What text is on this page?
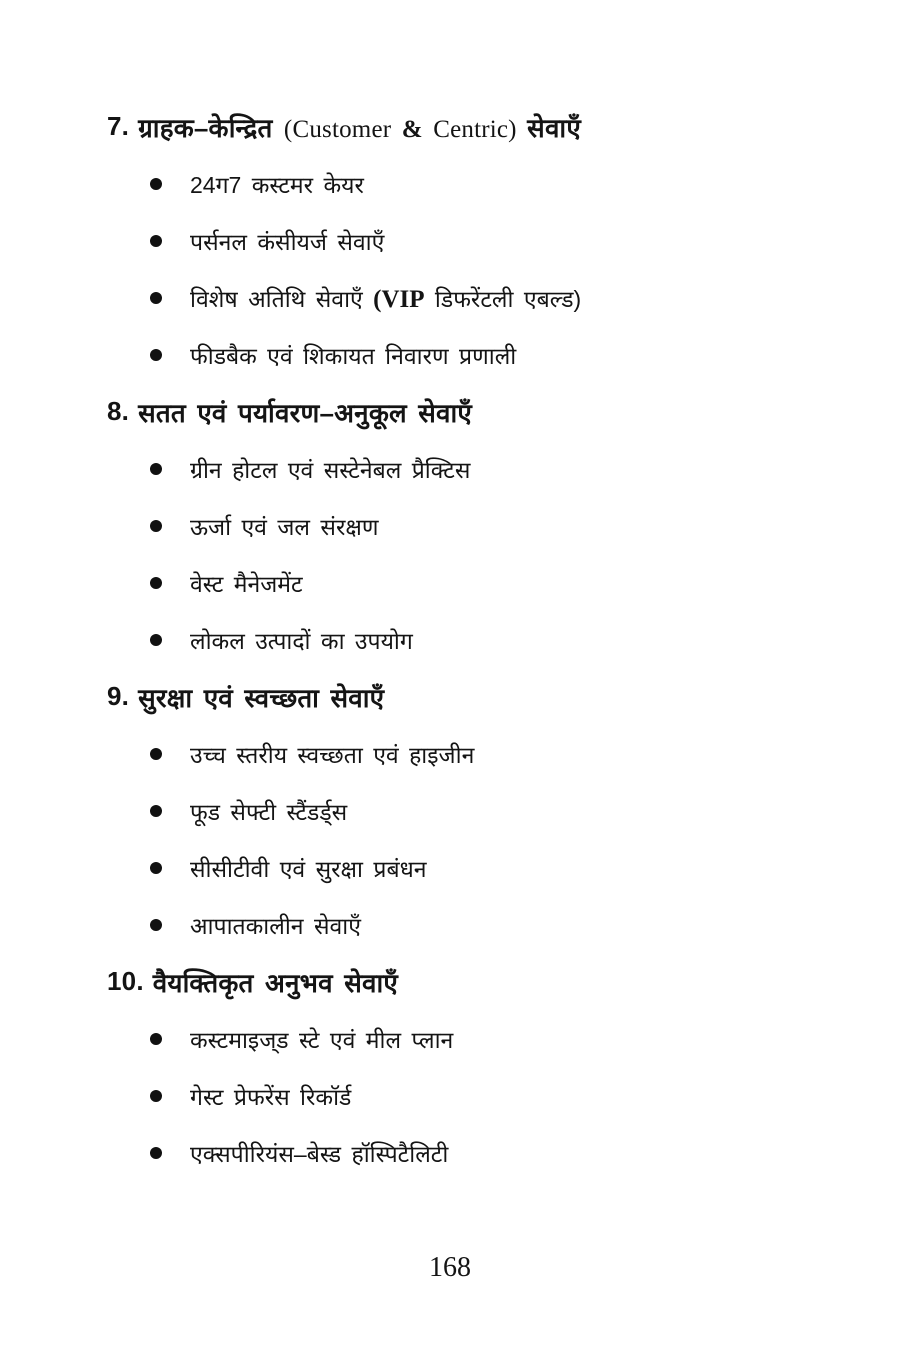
7. ग्राहक–केन्द्रित (Customer & Centric) सेवाएँ
24ग7 कस्टमर केयर
पर्सनल कंसीयर्ज सेवाएँ
विशेष अतिथि सेवाएँ (VIP डिफरेंटली एबल्ड)
फीडबैक एवं शिकायत निवारण प्रणाली
8. सतत एवं पर्यावरण–अनुकूल सेवाएँ
ग्रीन होटल एवं सस्टेनेबल प्रैक्टिस
ऊर्जा एवं जल संरक्षण
वेस्ट मैनेजमेंट
लोकल उत्पादों का उपयोग
9. सुरक्षा एवं स्वच्छता सेवाएँ
उच्च स्तरीय स्वच्छता एवं हाइजीन
फूड सेफ्टी स्टैंडर्ड्स
सीसीटीवी एवं सुरक्षा प्रबंधन
आपातकालीन सेवाएँ
10. वैयक्तिकृत अनुभव सेवाएँ
कस्टमाइज्‌ड स्टे एवं मील प्लान
गेस्ट प्रेफरेंस रिकॉर्ड
एक्सपीरियंस–बेस्ड हॉस्पिटैलिटी
168
